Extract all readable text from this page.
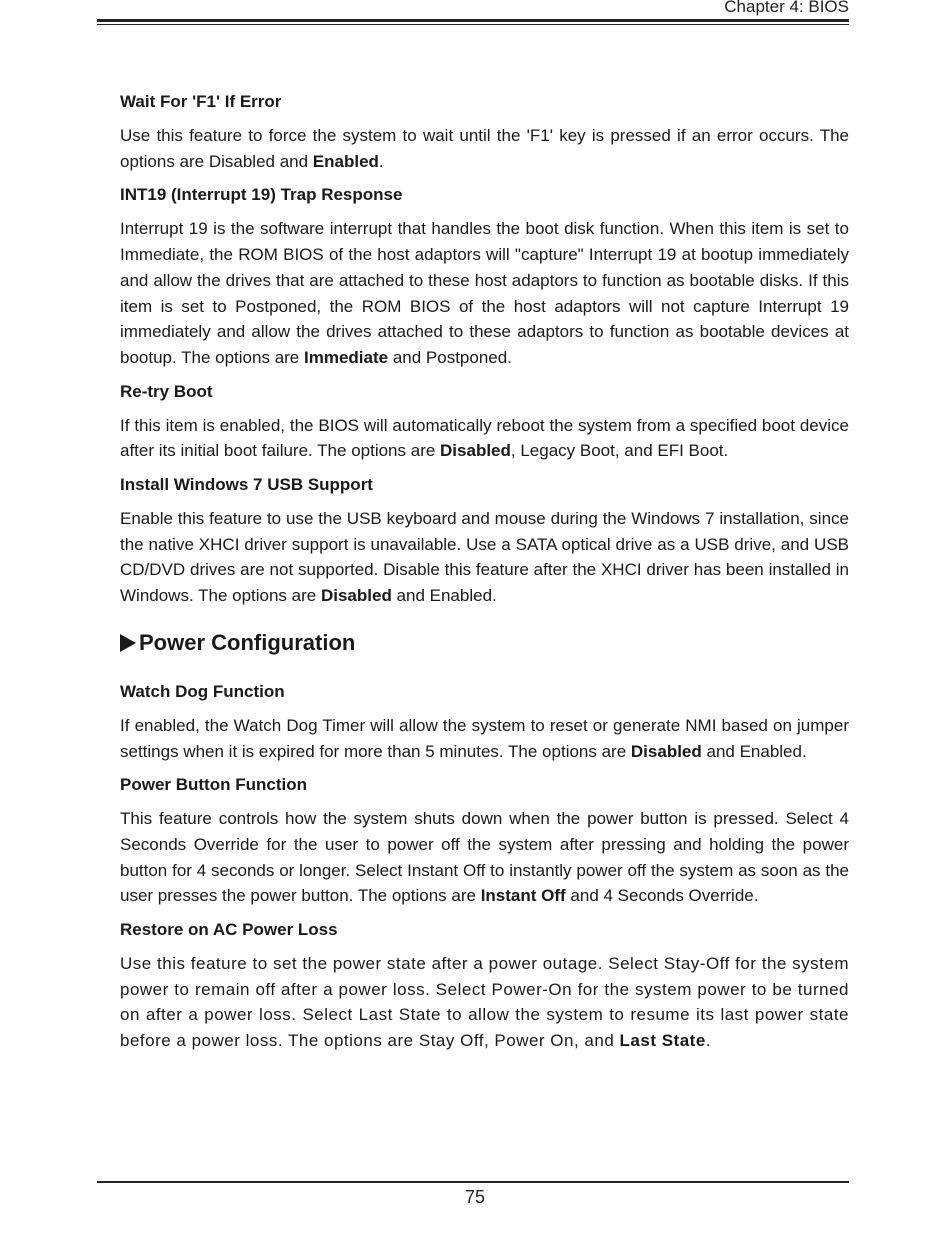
Chapter 4: BIOS
Wait For 'F1' If Error

Use this feature to force the system to wait until the 'F1' key is pressed if an error occurs. The options are Disabled and Enabled.

INT19 (Interrupt 19) Trap Response

Interrupt 19 is the software interrupt that handles the boot disk function. When this item is set to Immediate, the ROM BIOS of the host adaptors will "capture" Interrupt 19 at bootup immediately and allow the drives that are attached to these host adaptors to function as bootable disks. If this item is set to Postponed, the ROM BIOS of the host adaptors will not capture Interrupt 19 immediately and allow the drives attached to these adaptors to function as bootable devices at bootup. The options are Immediate and Postponed.

Re-try Boot

If this item is enabled, the BIOS will automatically reboot the system from a specified boot device after its initial boot failure. The options are Disabled, Legacy Boot, and EFI Boot.

Install Windows 7 USB Support

Enable this feature to use the USB keyboard and mouse during the Windows 7 installation, since the native XHCI driver support is unavailable. Use a SATA optical drive as a USB drive, and USB CD/DVD drives are not supported. Disable this feature after the XHCI driver has been installed in Windows. The options are Disabled and Enabled.

Power Configuration
Watch Dog Function

If enabled, the Watch Dog Timer will allow the system to reset or generate NMI based on jumper settings when it is expired for more than 5 minutes. The options are Disabled and Enabled.

Power Button Function

This feature controls how the system shuts down when the power button is pressed. Select 4 Seconds Override for the user to power off the system after pressing and holding the power button for 4 seconds or longer. Select Instant Off to instantly power off the system as soon as the user presses the power button. The options are Instant Off and 4 Seconds Override.

Restore on AC Power Loss

Use this feature to set the power state after a power outage. Select Stay-Off for the system power to remain off after a power loss. Select Power-On for the system power to be turned on after a power loss. Select Last State to allow the system to resume its last power state before a power loss. The options are Stay Off, Power On, and Last State.

75
